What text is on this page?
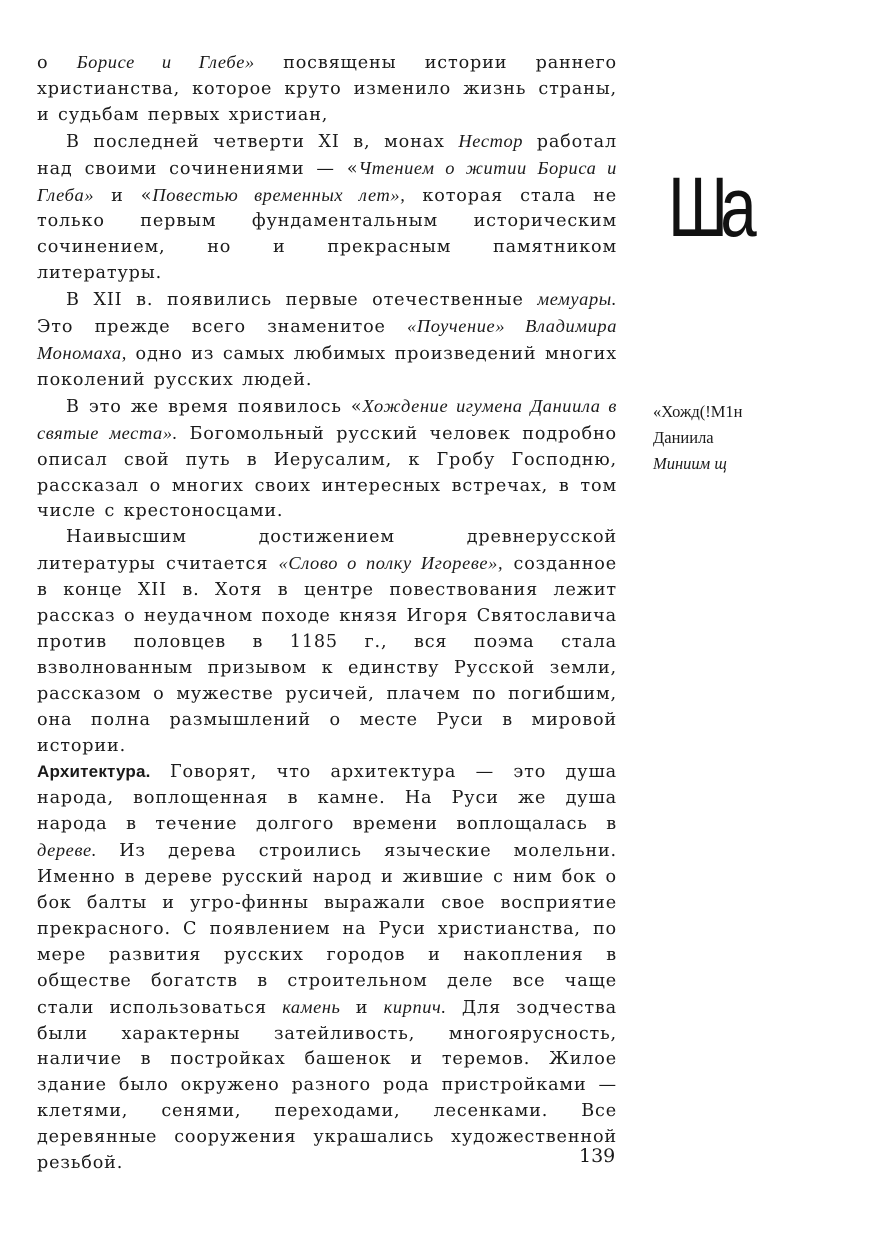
о Борисе и Глебе» посвящены истории раннего христианства, которое круто изменило жизнь страны, и судьбам первых христиан,

В последней четверти XI в, монах Нестор работал над своими сочинениями — «Чтением о житии Бориса и Глеба» и «Повестью временных лет», которая стала не только первым фундаментальным историческим сочинением, но и прекрасным памятником литературы.

В XII в. появились первые отечественные мемуары. Это прежде всего знаменитое «Поучение» Владимира Мономаха, одно из самых любимых произведений многих поколений русских людей.

В это же время появилось «Хождение игумена Даниила в святые места». Богомольный русский человек подробно описал свой путь в Иерусалим, к Гробу Господню, рассказал о многих своих интересных встречах, в том числе с крестоносцами.

Наивысшим достижением древнерусской литературы считается «Слово о полку Игореве», созданное в конце XII в. Хотя в центре повествования лежит рассказ о неудачном походе князя Игоря Святославича против половцев в 1185 г., вся поэма стала взволнованным призывом к единству Русской земли, рассказом о мужестве русичей, плачем по погибшим, она полна размышлений о месте Руси в мировой истории.

Архитектура. Говорят, что архитектура — это душа народа, воплощенная в камне. На Руси же душа народа в течение долгого времени воплощалась в дереве. Из дерева строились языческие молельни. Именно в дереве русский народ и жившие с ним бок о бок балты и угро-финны выражали свое восприятие прекрасного. С появлением на Руси христианства, по мере развития русских городов и накопления в обществе богатств в строительном деле все чаще стали использоваться камень и кирпич. Для зодчества были характерны затейливость, многоярусность, наличие в постройках башенок и теремов. Жилое здание было окружено разного рода пристройками — клетями, сенями, переходами, лесенками. Все деревянные сооружения украшались художественной резьбой.

Шa
«Хожд(!М1н
Даниила
Миниим щ
139
